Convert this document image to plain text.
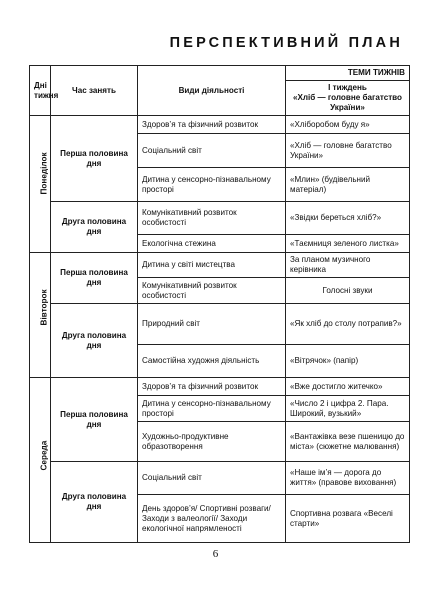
ПЕРСПЕКТИВНИЙ ПЛАН
Дні тижня	Час занять	Види діяльності	ТЕМИ ТИЖНІВ

			І тиждень
«Хліб — головне багатство України»

Понеділок	Перша половина дня	Здоров’я та фізичний розвиток	«Хліборобом буду я»
		Соціальний світ	«Хліб — головне багатство України»
		Дитина у сенсорно-пізнавальному просторі	«Млин» (будівельний матеріал)
	Друга половина дня	Комунікативний розвиток особистості	«Звідки береться хліб?»
		Екологічна стежина	«Таємниця зеленого листка»

Вівторок	Перша половина дня	Дитина у світі мистецтва	За планом музичного керівника
		Комунікативний розвиток особистості	Голосні звуки
	Друга половина дня	Природний світ	«Як хліб до столу потрапив?»
		Самостійна художня діяльність	«Вітрячок» (папір)

Середа	Перша половина дня	Здоров’я та фізичний розвиток	«Вже достигло житечко»
		Дитина у сенсорно-пізнавальному просторі	«Число 2 і цифра 2. Пара. Широкий, вузький»
		Художньо-продуктивне образотворення	«Вантажівка везе пшеницю до міста» (сюжетне малювання)
	Друга половина дня	Соціальний світ	«Наше ім’я — дорога до життя» (правове виховання)
		День здоров’я/ Спортивні розваги/ Заходи з валеології/ Заходи екологічної напрямленості	Спортивна розвага «Веселі старти»
6
